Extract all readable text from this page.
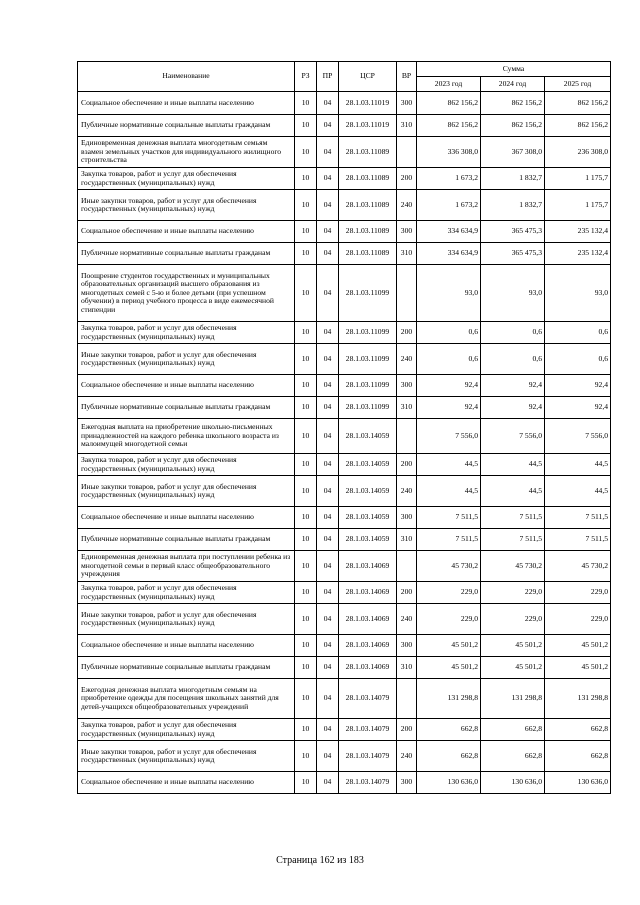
Наименование	РЗ	ПР	ЦСР	ВР	Сумма		
					2023 год	2024 год	2025 год
Социальное обеспечение и иные выплаты населению	10	04	28.1.03.11019	300	862 156,2	862 156,2	862 156,2
Публичные нормативные социальные выплаты гражданам	10	04	28.1.03.11019	310	862 156,2	862 156,2	862 156,2
Единовременная денежная выплата многодетным семьям взамен земельных участков для индивидуального жилищного строительства	10	04	28.1.03.11089		336 308,0	367 308,0	236 308,0
Закупка товаров, работ и услуг для обеспечения государственных (муниципальных) нужд	10	04	28.1.03.11089	200	1 673,2	1 832,7	1 175,7
Иные закупки товаров, работ и услуг для обеспечения государственных (муниципальных) нужд	10	04	28.1.03.11089	240	1 673,2	1 832,7	1 175,7
Социальное обеспечение и иные выплаты населению	10	04	28.1.03.11089	300	334 634,9	365 475,3	235 132,4
Публичные нормативные социальные выплаты гражданам	10	04	28.1.03.11089	310	334 634,9	365 475,3	235 132,4
Поощрение студентов государственных и муниципальных образовательных организаций высшего образования из многодетных семей с 5-ю и более детьми (при успешном обучении) в период учебного процесса в виде ежемесячной стипендии	10	04	28.1.03.11099		93,0	93,0	93,0
Закупка товаров, работ и услуг для обеспечения государственных (муниципальных) нужд	10	04	28.1.03.11099	200	0,6	0,6	0,6
Иные закупки товаров, работ и услуг для обеспечения государственных (муниципальных) нужд	10	04	28.1.03.11099	240	0,6	0,6	0,6
Социальное обеспечение и иные выплаты населению	10	04	28.1.03.11099	300	92,4	92,4	92,4
Публичные нормативные социальные выплаты гражданам	10	04	28.1.03.11099	310	92,4	92,4	92,4
Ежегодная выплата на приобретение школьно-письменных принадлежностей на каждого ребенка школьного возраста из малоимущей многодетной семьи	10	04	28.1.03.14059		7 556,0	7 556,0	7 556,0
Закупка товаров, работ и услуг для обеспечения государственных (муниципальных) нужд	10	04	28.1.03.14059	200	44,5	44,5	44,5
Иные закупки товаров, работ и услуг для обеспечения государственных (муниципальных) нужд	10	04	28.1.03.14059	240	44,5	44,5	44,5
Социальное обеспечение и иные выплаты населению	10	04	28.1.03.14059	300	7 511,5	7 511,5	7 511,5
Публичные нормативные социальные выплаты гражданам	10	04	28.1.03.14059	310	7 511,5	7 511,5	7 511,5
Единовременная денежная выплата при поступлении ребенка из многодетной семьи в первый класс общеобразовательного учреждения	10	04	28.1.03.14069		45 730,2	45 730,2	45 730,2
Закупка товаров, работ и услуг для обеспечения государственных (муниципальных) нужд	10	04	28.1.03.14069	200	229,0	229,0	229,0
Иные закупки товаров, работ и услуг для обеспечения государственных (муниципальных) нужд	10	04	28.1.03.14069	240	229,0	229,0	229,0
Социальное обеспечение и иные выплаты населению	10	04	28.1.03.14069	300	45 501,2	45 501,2	45 501,2
Публичные нормативные социальные выплаты гражданам	10	04	28.1.03.14069	310	45 501,2	45 501,2	45 501,2
Ежегодная денежная выплата многодетным семьям на приобретение одежды для посещения школьных занятий для детей-учащихся общеобразовательных учреждений	10	04	28.1.03.14079		131 298,8	131 298,8	131 298,8
Закупка товаров, работ и услуг для обеспечения государственных (муниципальных) нужд	10	04	28.1.03.14079	200	662,8	662,8	662,8
Иные закупки товаров, работ и услуг для обеспечения государственных (муниципальных) нужд	10	04	28.1.03.14079	240	662,8	662,8	662,8
Социальное обеспечение и иные выплаты населению	10	04	28.1.03.14079	300	130 636,0	130 636,0	130 636,0
Страница 162 из 183
